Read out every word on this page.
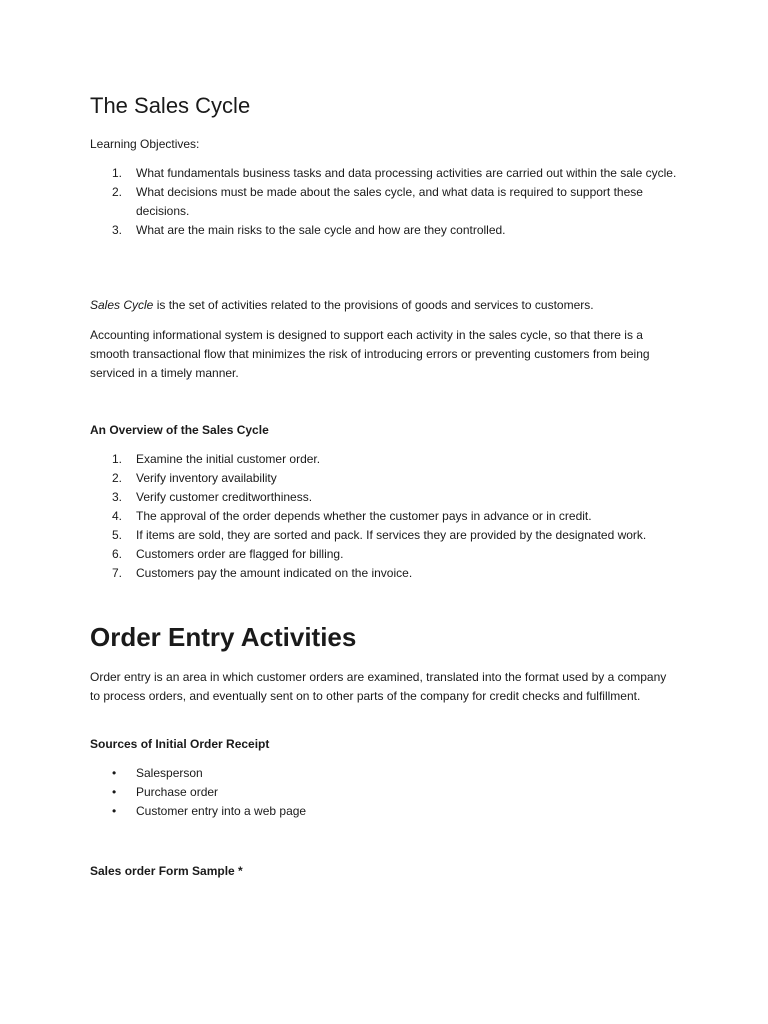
The Sales Cycle

Learning Objectives:

1. What fundamentals business tasks and data processing activities are carried out within the sale cycle.
2. What decisions must be made about the sales cycle, and what data is required to support these decisions.
3. What are the main risks to the sale cycle and how are they controlled.

Sales Cycle is the set of activities related to the provisions of goods and services to customers.

Accounting informational system is designed to support each activity in the sales cycle, so that there is a smooth transactional flow that minimizes the risk of introducing errors or preventing customers from being serviced in a timely manner.

An Overview of the Sales Cycle

1. Examine the initial customer order.
2. Verify inventory availability
3. Verify customer creditworthiness.
4. The approval of the order depends whether the customer pays in advance or in credit.
5. If items are sold, they are sorted and pack. If services they are provided by the designated work.
6. Customers order are flagged for billing.
7. Customers pay the amount indicated on the invoice.
Order Entry Activities

Order entry is an area in which customer orders are examined, translated into the format used by a company to process orders, and eventually sent on to other parts of the company for credit checks and fulfillment.

Sources of Initial Order Receipt

• Salesperson
• Purchase order
• Customer entry into a web page

Sales order Form Sample *
